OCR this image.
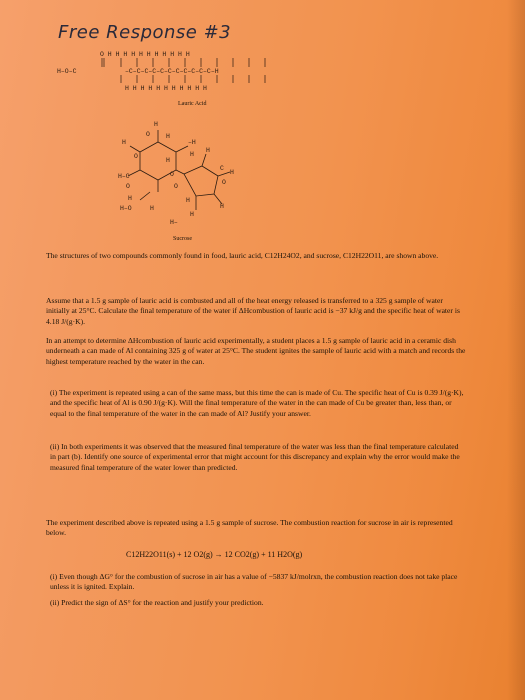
Free Response #3
H–O–C
O H H H H H H H H H H H
–C–C–C–C–C–C–C–C–C–C–C–H
H H H H H H H H H H H
Lauric Acid
H
O H
–H
H
O
H
H
H
H–C	O
C
H
O	O
O
H	H
H
H–O	H
H
H–
Sucrose
The structures of two compounds commonly found in food, lauric acid, C12H24O2, and sucrose, C12H22O11, are shown above.
Assume that a 1.5 g sample of lauric acid is combusted and all of the heat energy released is transferred to a 325 g sample of water initially at 25°C. Calculate the final temperature of the water if ΔHcombustion of lauric acid is −37 kJ/g and the specific heat of water is 4.18 J/(g·K).
In an attempt to determine ΔHcombustion of lauric acid experimentally, a student places a 1.5 g sample of lauric acid in a ceramic dish underneath a can made of Al containing 325 g of water at 25°C. The student ignites the sample of lauric acid with a match and records the highest temperature reached by the water in the can.
(i) The experiment is repeated using a can of the same mass, but this time the can is made of Cu. The specific heat of Cu is 0.39 J/(g·K), and the specific heat of Al is 0.90 J/(g·K). Will the final temperature of the water in the can made of Cu be greater than, less than, or equal to the final temperature of the water in the can made of Al? Justify your answer.
(ii) In both experiments it was observed that the measured final temperature of the water was less than the final temperature calculated in part (b). Identify one source of experimental error that might account for this discrepancy and explain why the error would make the measured final temperature of the water lower than predicted.
The experiment described above is repeated using a 1.5 g sample of sucrose. The combustion reaction for sucrose in air is represented below.
C12H22O11(s) + 12 O2(g) → 12 CO2(g) + 11 H2O(g)
(i) Even though ΔG° for the combustion of sucrose in air has a value of −5837 kJ/molrxn, the combustion reaction does not take place unless it is ignited. Explain.
(ii) Predict the sign of ΔS° for the reaction and justify your prediction.
